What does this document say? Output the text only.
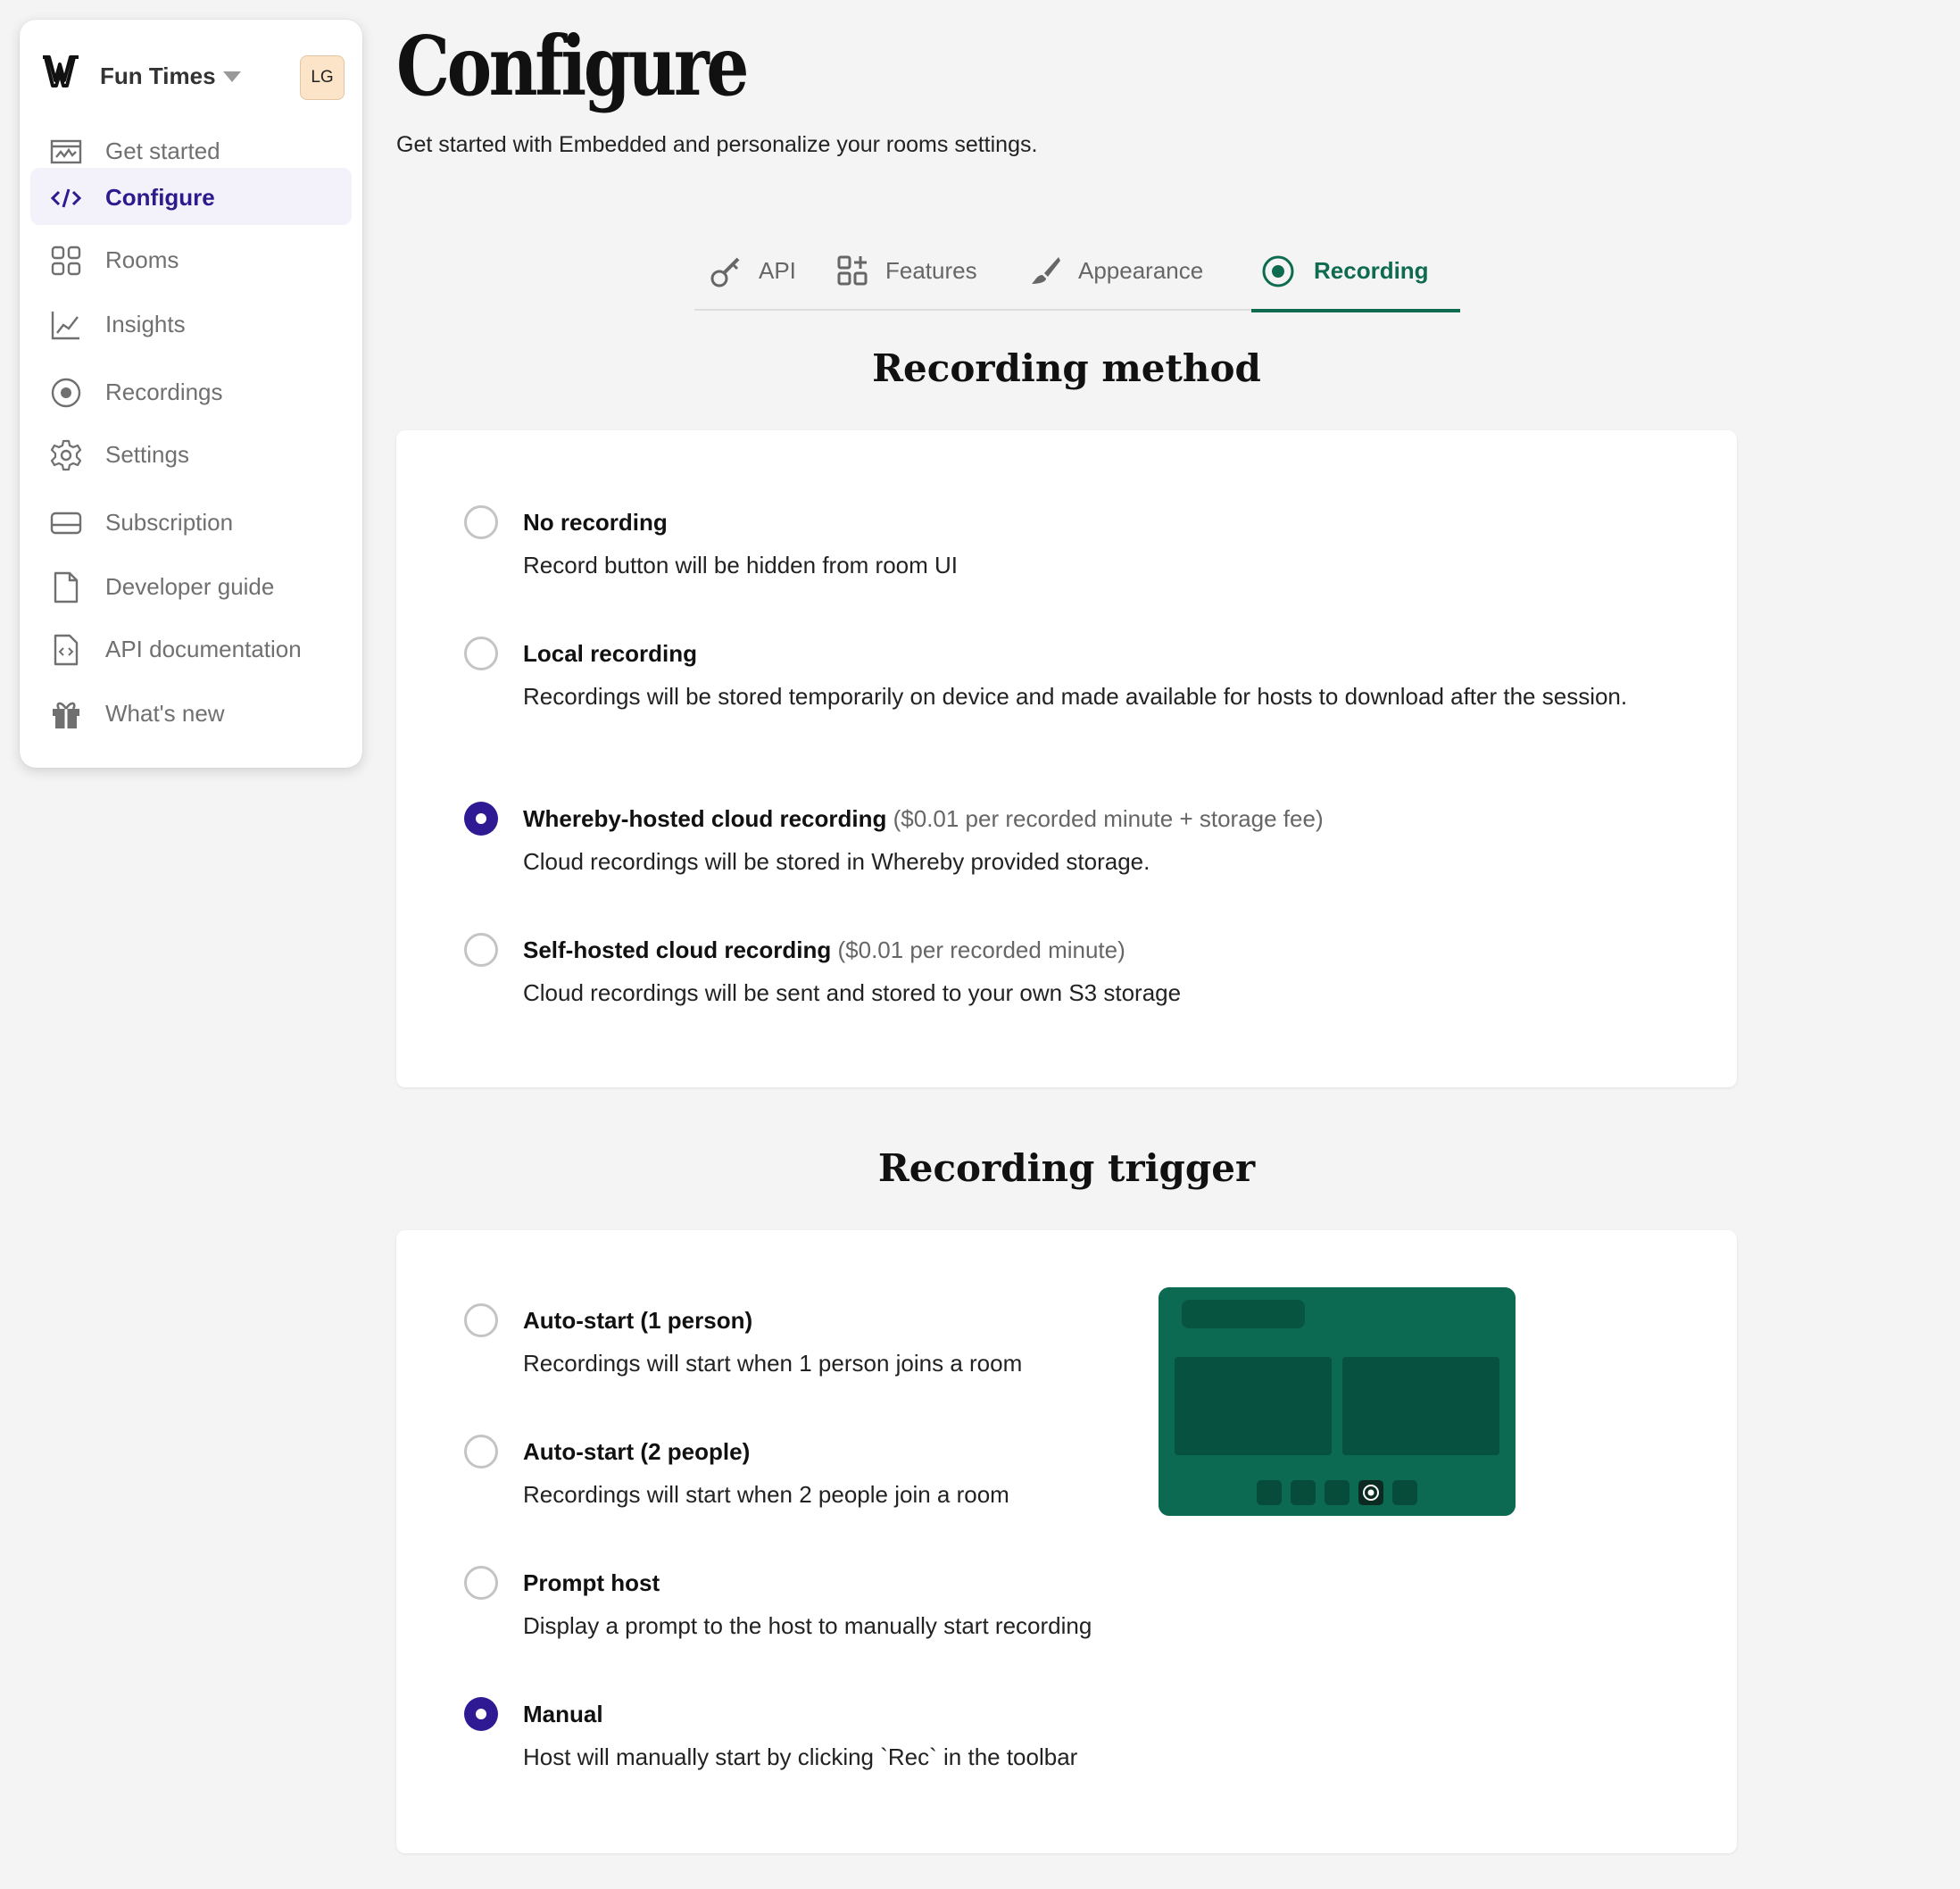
Fun Times	LG
Get started
Configure
Rooms
Insights
Recordings
Settings
Subscription
Developer guide
API documentation
What's new
Configure

Get started with Embedded and personalize your rooms settings.

API	Features	Appearance	Recording
Recording method
No recording
Record button will be hidden from room UI
Local recording
Recordings will be stored temporarily on device and made available for hosts to download after the session.
Whereby-hosted cloud recording ($0.01 per recorded minute + storage fee)
Cloud recordings will be stored in Whereby provided storage.
Self-hosted cloud recording ($0.01 per recorded minute)
Cloud recordings will be sent and stored to your own S3 storage
Recording trigger
Auto-start (1 person)
Recordings will start when 1 person joins a room
Auto-start (2 people)
Recordings will start when 2 people join a room
Prompt host
Display a prompt to the host to manually start recording
Manual
Host will manually start by clicking `Rec` in the toolbar
